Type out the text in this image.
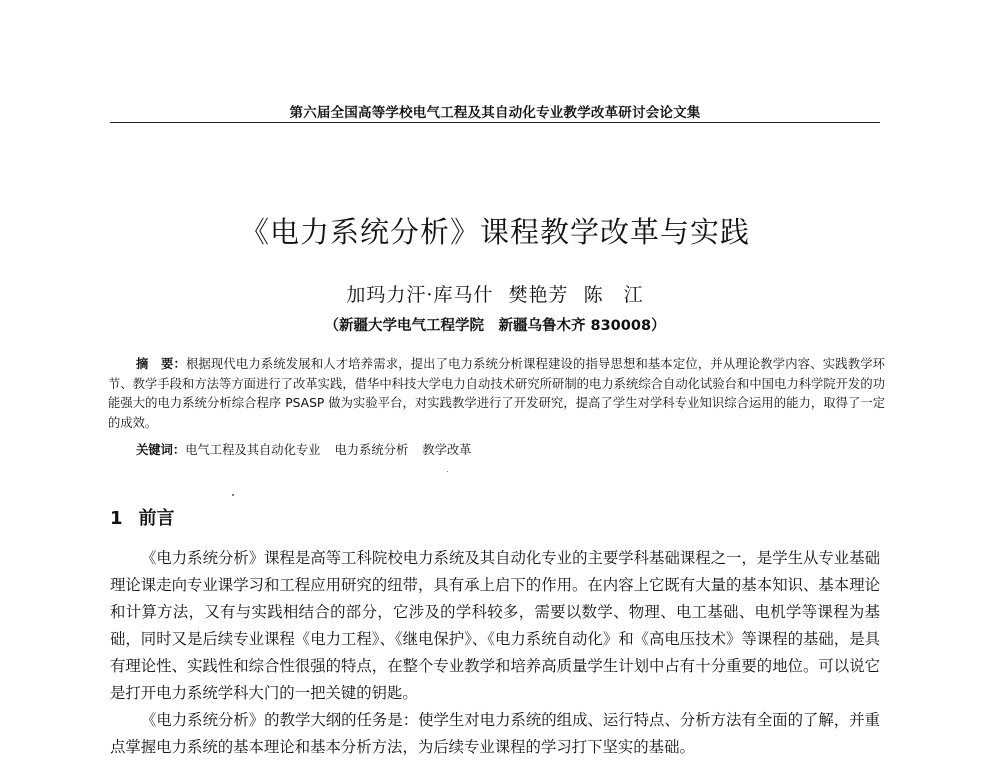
第六届全国高等学校电气工程及其自动化专业教学改革研讨会论文集
《电力系统分析》课程教学改革与实践
加玛力汗·库马什 樊艳芳 陈　江
（新疆大学电气工程学院　新疆乌鲁木齐 830008）
摘　要：根据现代电力系统发展和人才培养需求，提出了电力系统分析课程建设的指导思想和基本定位，并从理论教学内容、实践教学环节、教学手段和方法等方面进行了改革实践，借华中科技大学电力自动技术研究所研制的电力系统综合自动化试验台和中国电力科学院开发的功能强大的电力系统分析综合程序 PSASP 做为实验平台，对实践教学进行了开发研究，提高了学生对学科专业知识综合运用的能力，取得了一定的成效。
关键词：电气工程及其自动化专业 电力系统分析 教学改革
1 前言

《电力系统分析》课程是高等工科院校电力系统及其自动化专业的主要学科基础课程之一，是学生从专业基础理论课走向专业课学习和工程应用研究的纽带，具有承上启下的作用。在内容上它既有大量的基本知识、基本理论和计算方法，又有与实践相结合的部分，它涉及的学科较多，需要以数学、物理、电工基础、电机学等课程为基础，同时又是后续专业课程《电力工程》、《继电保护》、《电力系统自动化》和《高电压技术》等课程的基础，是具有理论性、实践性和综合性很强的特点，在整个专业教学和培养高质量学生计划中占有十分重要的地位。可以说它是打开电力系统学科大门的一把关键的钥匙。

《电力系统分析》的教学大纲的任务是：使学生对电力系统的组成、运行特点、分析方法有全面的了解，并重点掌握电力系统的基本理论和基本分析方法，为后续专业课程的学习打下坚实的基础。
